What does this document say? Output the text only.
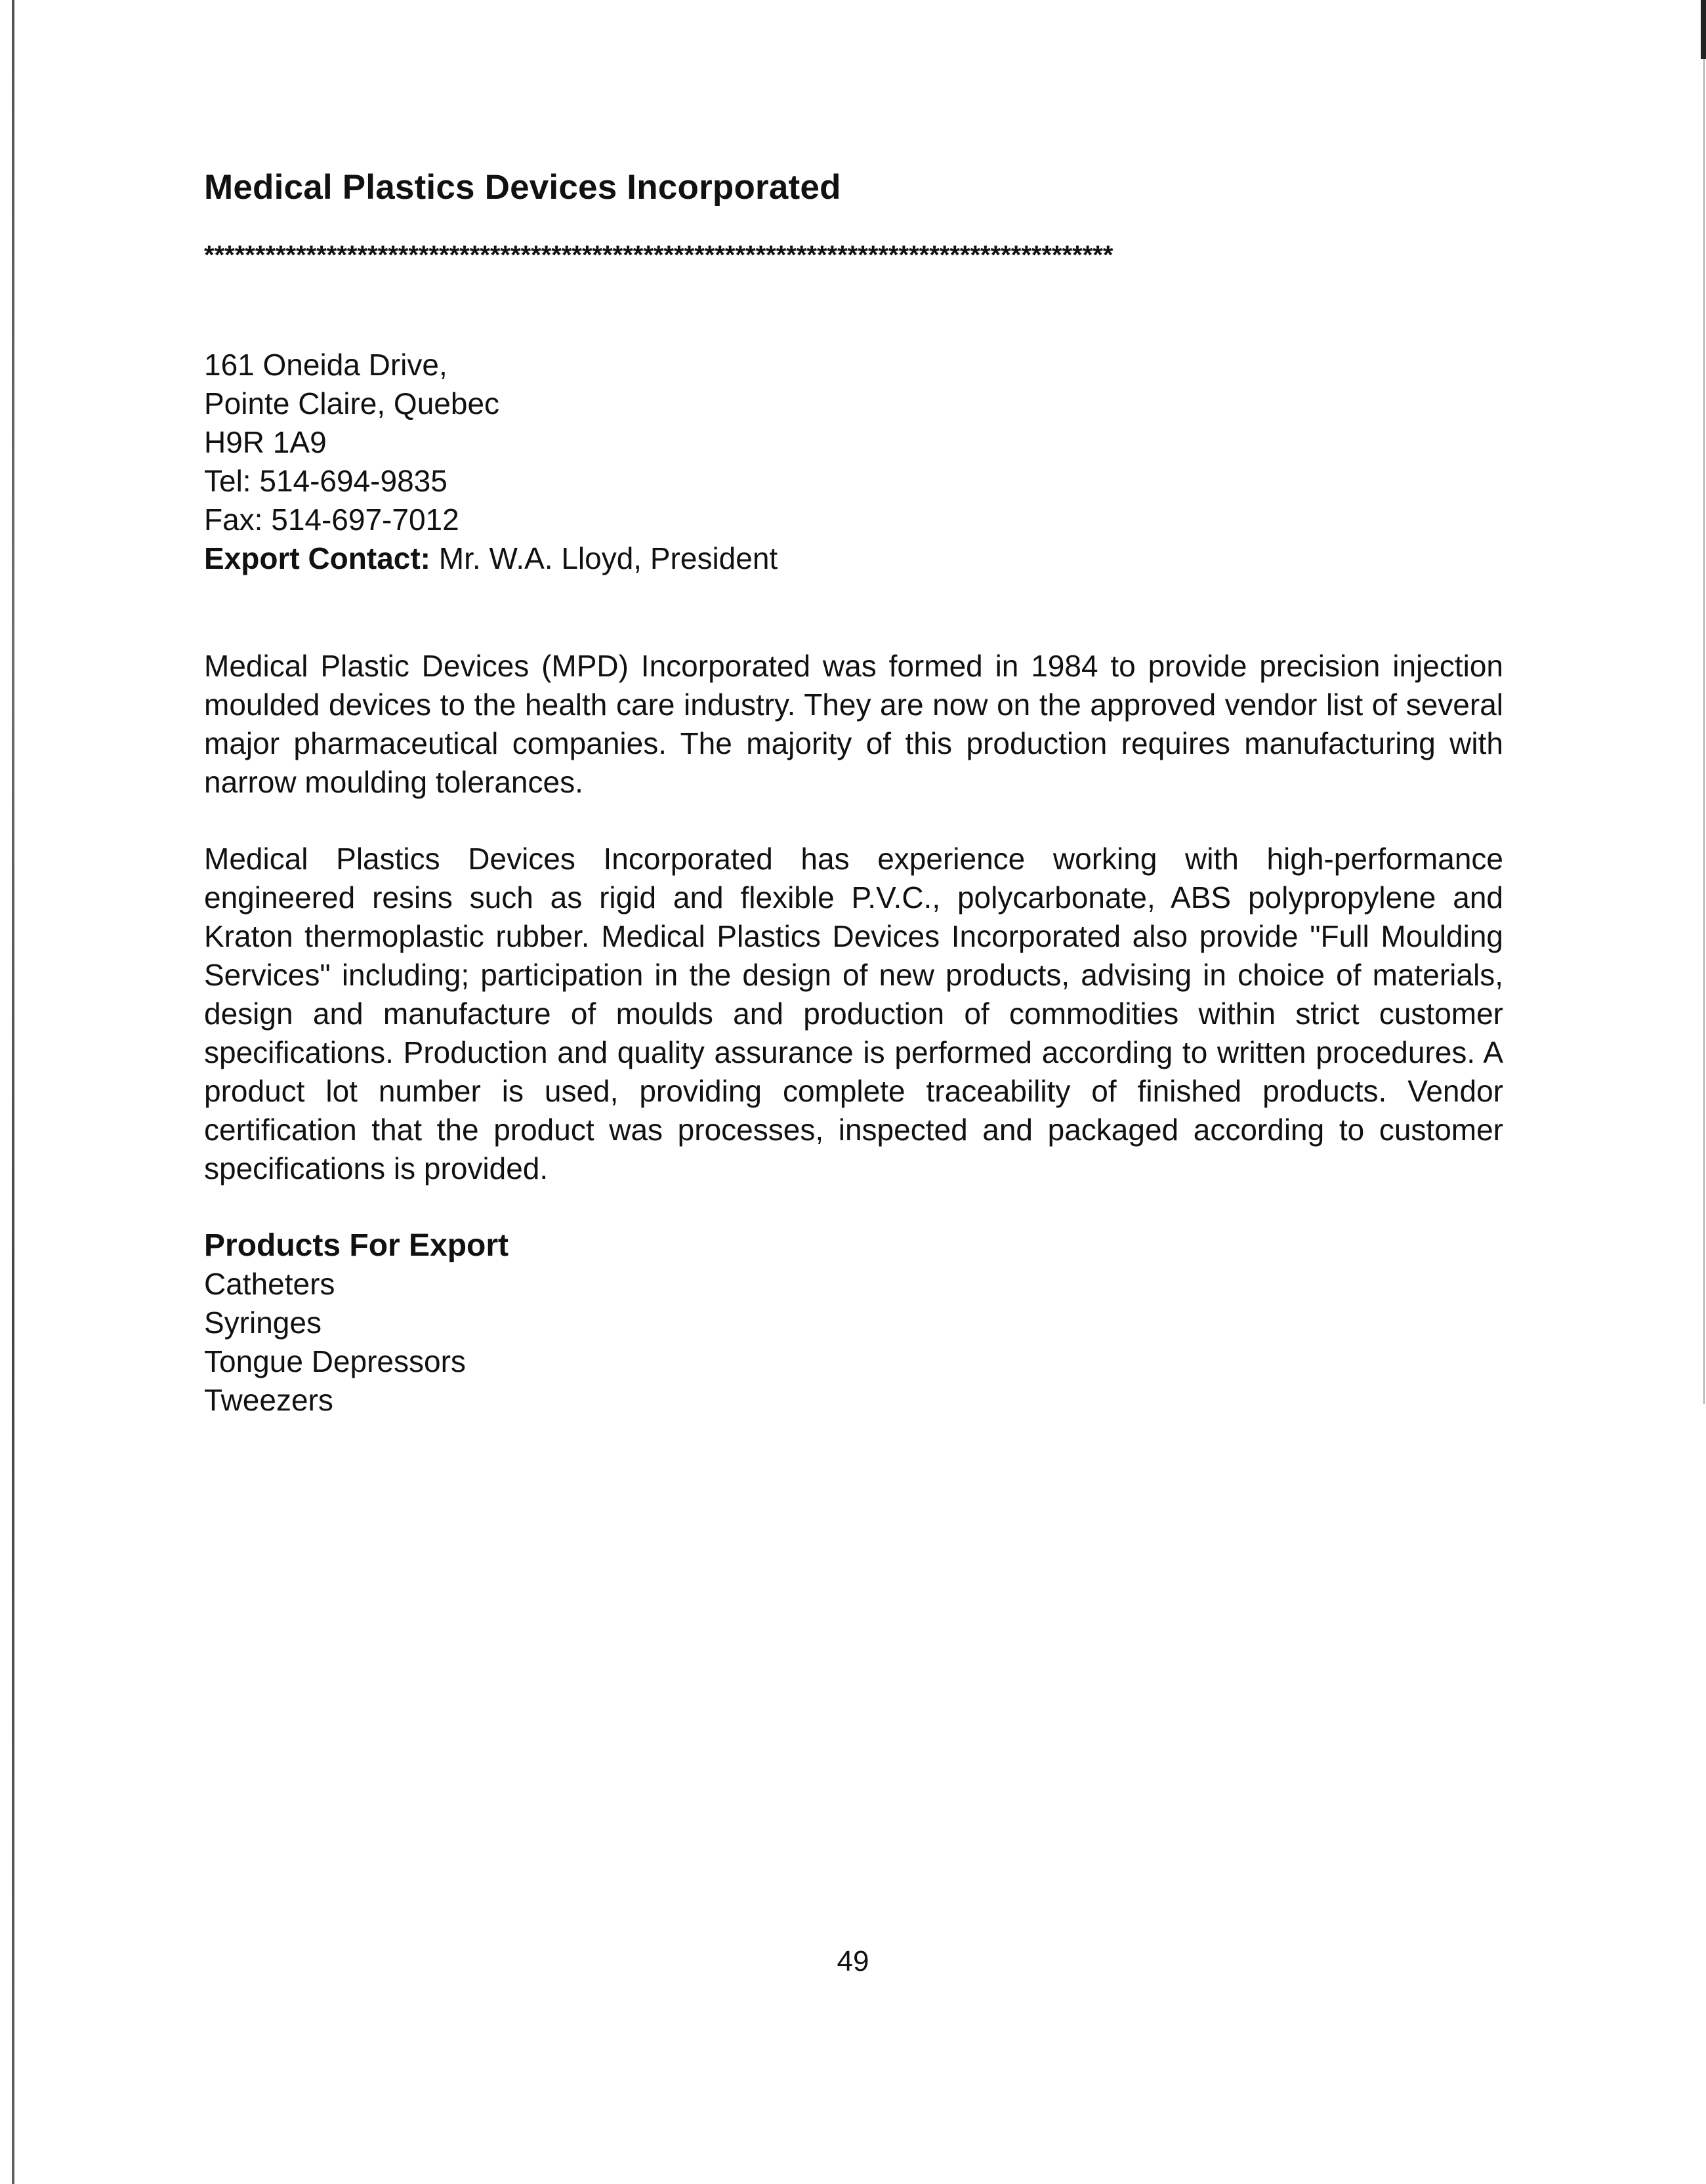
Medical Plastics Devices Incorporated
*****************************************************************************************
161 Oneida Drive,
Pointe Claire, Quebec
H9R 1A9
Tel: 514-694-9835
Fax: 514-697-7012
Export Contact: Mr. W.A. Lloyd, President

Medical Plastic Devices (MPD) Incorporated was formed in 1984 to provide precision injection moulded devices to the health care industry. They are now on the approved vendor list of several major pharmaceutical companies. The majority of this production requires manufacturing with narrow moulding tolerances.

Medical Plastics Devices Incorporated has experience working with high-performance engineered resins such as rigid and flexible P.V.C., polycarbonate, ABS polypropylene and Kraton thermoplastic rubber. Medical Plastics Devices Incorporated also provide "Full Moulding Services" including; participation in the design of new products, advising in choice of materials, design and manufacture of moulds and production of commodities within strict customer specifications. Production and quality assurance is performed according to written procedures. A product lot number is used, providing complete traceability of finished products. Vendor certification that the product was processes, inspected and packaged according to customer specifications is provided.

Products For Export
Catheters
Syringes
Tongue Depressors
Tweezers
49
